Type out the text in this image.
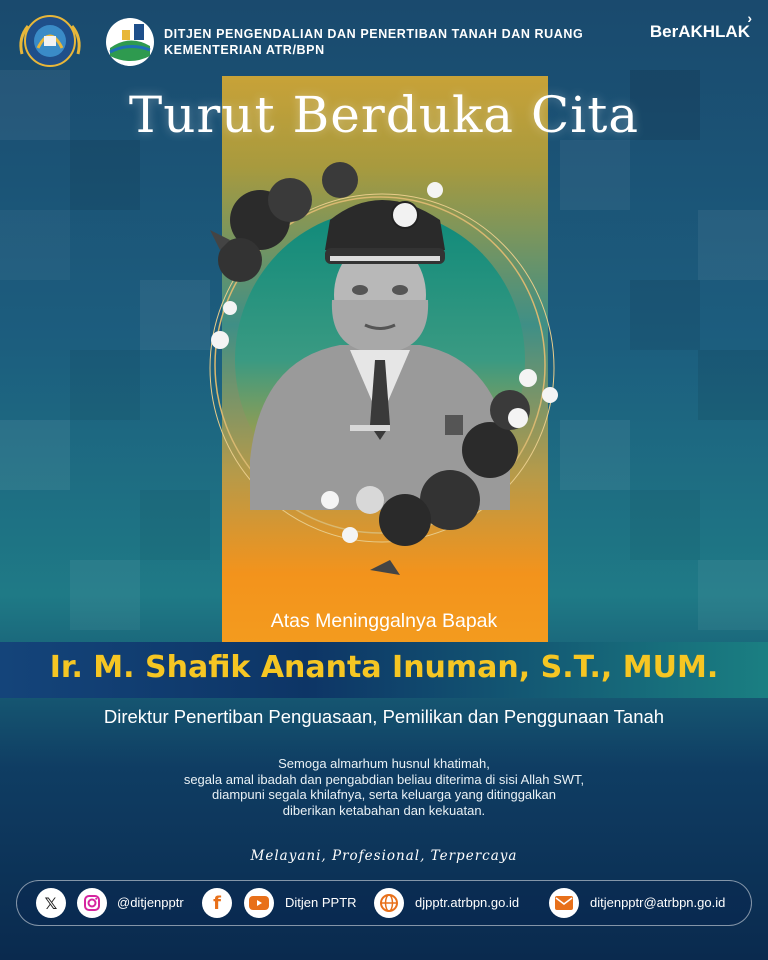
DITJEN PENGENDALIAN DAN PENERTIBAN TANAH DAN RUANG
KEMENTERIAN ATR/BPN
BerAKHLAK
›
Turut Berduka Cita
Atas Meninggalnya Bapak
Ir. M. Shafik Ananta Inuman, S.T., MUM.
Direktur Penertiban Penguasaan, Pemilikan dan Penggunaan Tanah
Semoga almarhum husnul khatimah,
segala amal ibadah dan pengabdian beliau diterima di sisi Allah SWT,
diampuni segala khilafnya, serta keluarga yang ditinggalkan
diberikan ketabahan dan kekuatan.
Melayani, Profesional, Terpercaya
𝕏	@ditjenpptr f	Ditjen PPTR	djpptr.atrbpn.go.id	ditjenpptr@atrbpn.go.id
